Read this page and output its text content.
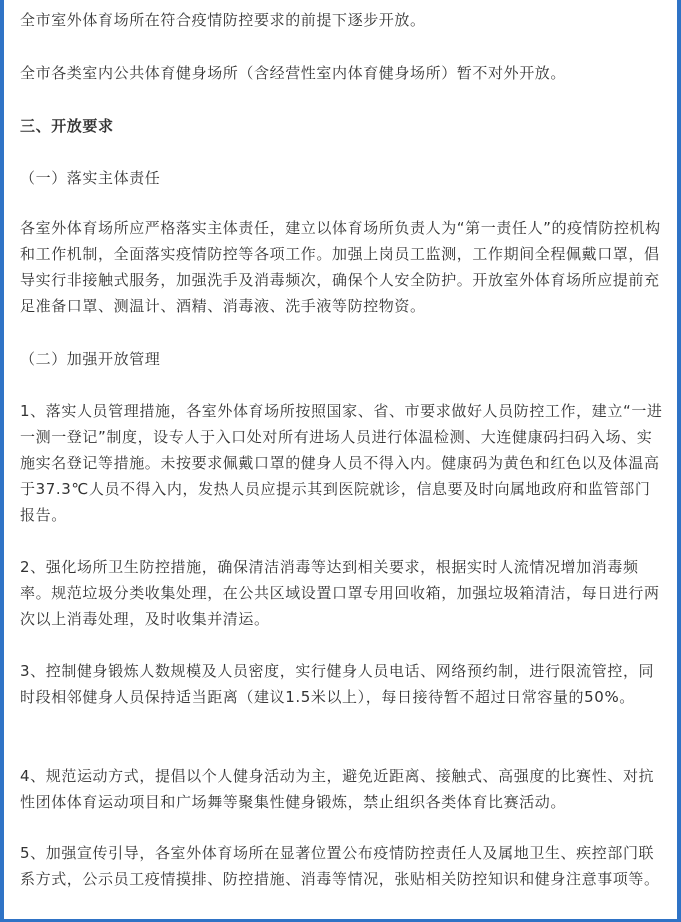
全市室外体育场所在符合疫情防控要求的前提下逐步开放。

全市各类室内公共体育健身场所（含经营性室内体育健身场所）暂不对外开放。

三、开放要求

（一）落实主体责任

各室外体育场所应严格落实主体责任，建立以体育场所负责人为“第一责任人”的疫情防控机构和工作机制，全面落实疫情防控等各项工作。加强上岗员工监测，工作期间全程佩戴口罩，倡导实行非接触式服务，加强洗手及消毒频次，确保个人安全防护。开放室外体育场所应提前充足准备口罩、测温计、酒精、消毒液、洗手液等防控物资。

（二）加强开放管理

1、落实人员管理措施，各室外体育场所按照国家、省、市要求做好人员防控工作，建立“一进一测一登记”制度，设专人于入口处对所有进场人员进行体温检测、大连健康码扫码入场、实施实名登记等措施。未按要求佩戴口罩的健身人员不得入内。健康码为黄色和红色以及体温高于37.3℃人员不得入内，发热人员应提示其到医院就诊，信息要及时向属地政府和监管部门报告。

2、强化场所卫生防控措施，确保清洁消毒等达到相关要求，根据实时人流情况增加消毒频率。规范垃圾分类收集处理，在公共区域设置口罩专用回收箱，加强垃圾箱清洁，每日进行两次以上消毒处理，及时收集并清运。

3、控制健身锻炼人数规模及人员密度，实行健身人员电话、网络预约制，进行限流管控，同时段相邻健身人员保持适当距离（建议1.5米以上），每日接待暂不超过日常容量的50%。

4、规范运动方式，提倡以个人健身活动为主，避免近距离、接触式、高强度的比赛性、对抗性团体体育运动项目和广场舞等聚集性健身锻炼，禁止组织各类体育比赛活动。

5、加强宣传引导，各室外体育场所在显著位置公布疫情防控责任人及属地卫生、疾控部门联系方式，公示员工疫情摸排、防控措施、消毒等情况，张贴相关防控知识和健身注意事项等。
